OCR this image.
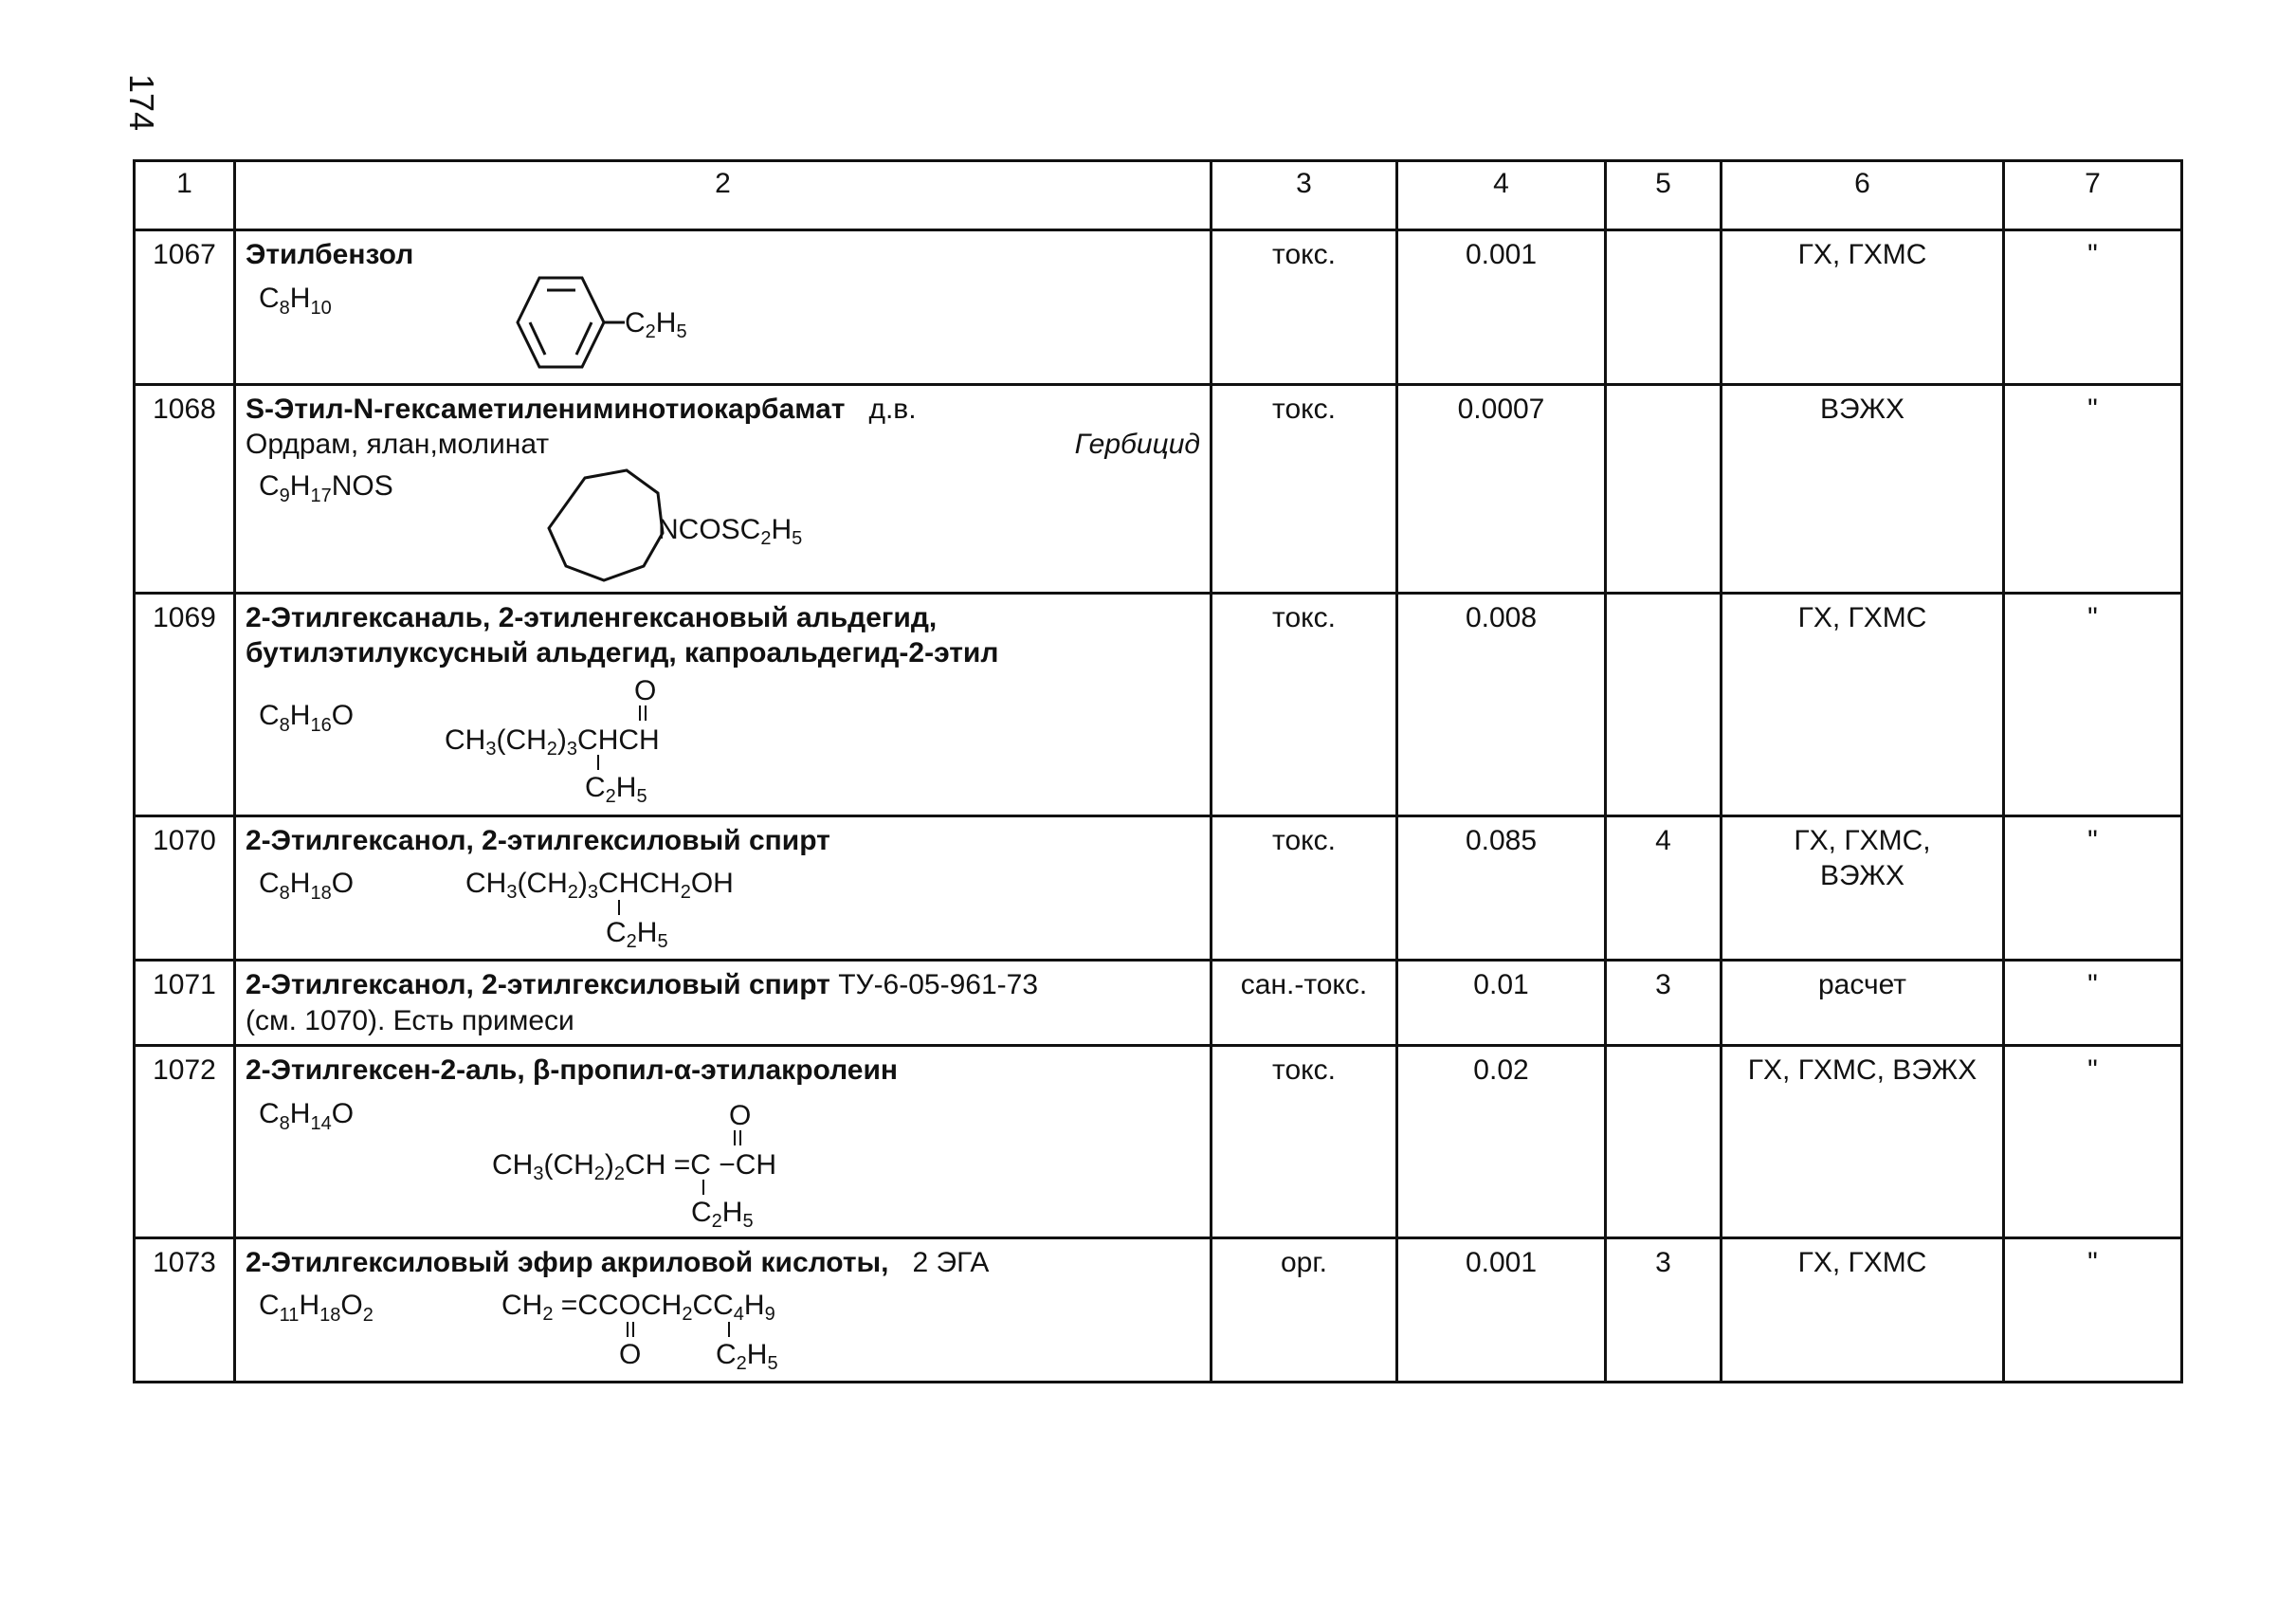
174
1	2	3	4	5	6	7
1067	Этилбензол
$C_8H_{10}$ $C_2H_5$	токс.	0.001		ГХ, ГХМС	"
1068	S-Этил-N-гексаметилениминотиокарбамат д.в.
Ордрам, ялан,молинат Гербицид
$C_9H_{17}NOS$
$NCOSC_2H_5$	токс.	0.0007		ВЭЖХ	"
1069	2-Этилгексаналь, 2-этиленгексановый альдегид, бутилэтилуксусный альдегид, капроальдегид-2-этил
$C_8H_{16}O$
O
$CH_3(CH_2)_3CHCH$
$C_2H_5$	токс.	0.008		ГХ, ГХМС	"
1070	2-Этилгексанол, 2-этилгексиловый спирт
$C_8H_{18}O$ $CH_3(CH_2)_3CHCH_2OH$
$C_2H_5$	токс.	0.085	4	ГХ, ГХМС,
ВЭЖХ	"
1071	2-Этилгексанол, 2-этилгексиловый спирт ТУ-6-05-961-73
(см. 1070). Есть примеси	сан.-токс.	0.01	3	расчет	"
1072	2-Этилгексен-2-аль, β-пропил-α-этилакролеин
$C_8H_{14}O$ O
$CH_3(CH_2)_2CH =C -CH$
$C_2H_5$	токс.	0.02		ГХ, ГХМС, ВЭЖХ	"
1073	2-Этилгексиловый эфир акриловой кислоты, 2 ЭГА
$C_{11}H_{18}O_2$ $CH_2$ $=CCOCH_2CC_4H_9$
O $C_2H_5$	орг.	0.001	3	ГХ, ГХМС	"
